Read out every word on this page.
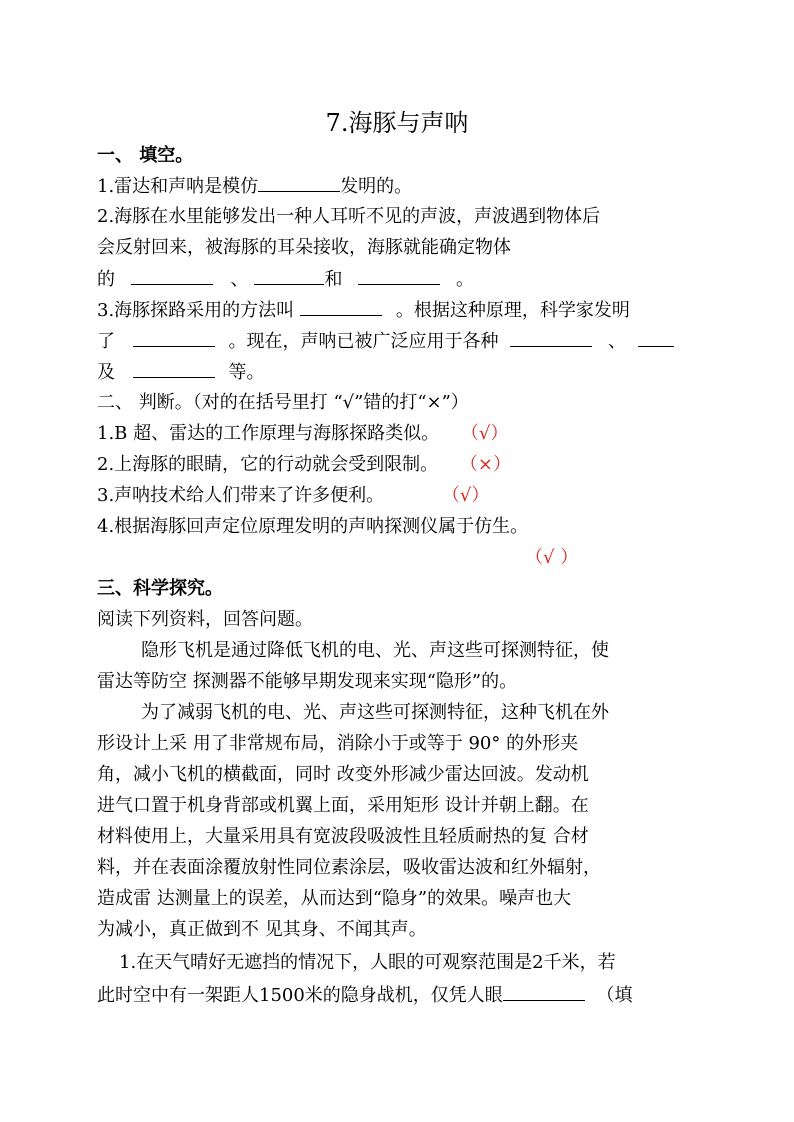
7.海豚与声呐
一、 填空。
1.雷达和声呐是模仿	发明的。
2.海豚在水里能够发出一种人耳听不见的声波，声波遇到物体后
会反射回来，被海豚的耳朵接收，海豚就能确定物体
的	、	和	。
3.海豚探路采用的方法叫	。根据这种原理，科学家发明
了	。现在，声呐已被广泛应用于各种	、
及	等。
二、 判断。（对的在括号里打 “√”错的打“×”）
1.B 超、雷达的工作原理与海豚探路类似。 （√）
2.上海豚的眼睛，它的行动就会受到限制。 （×）
3.声呐技术给人们带来了许多便利。	（√）
4.根据海豚回声定位原理发明的声呐探测仪属于仿生。
（√ ）
三、科学探究。
阅读下列资料，回答问题。
隐形飞机是通过降低飞机的电、光、声这些可探测特征，使
雷达等防空 探测器不能够早期发现来实现“隐形”的。
为了减弱飞机的电、光、声这些可探测特征，这种飞机在外
形设计上采 用了非常规布局，消除小于或等于 90° 的外形夹
角，减小飞机的横截面，同时 改变外形减少雷达回波。发动机
进气口置于机身背部或机翼上面，采用矩形 设计并朝上翻。在
材料使用上，大量采用具有宽波段吸波性且轻质耐热的复 合材
料，并在表面涂覆放射性同位素涂层，吸收雷达波和红外辐射，
造成雷 达测量上的误差，从而达到“隐身”的效果。噪声也大
为减小，真正做到不 见其身、不闻其声。
1.在天气晴好无遮挡的情况下，人眼的可观察范围是2千米，若
此时空中有一架距人1500米的隐身战机，仅凭人眼	（填
